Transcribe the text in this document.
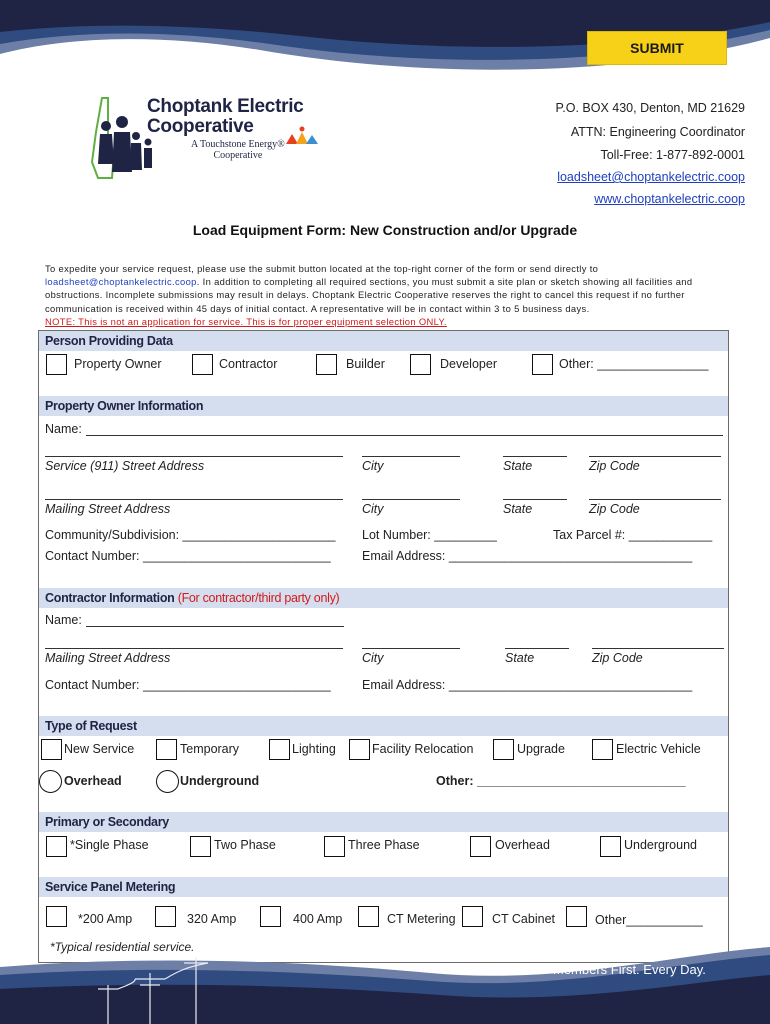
SUBMIT
Choptank Electric
Cooperative
A Touchstone Energy®
Cooperative
P.O. BOX 430, Denton, MD 21629
ATTN: Engineering Coordinator
Toll-Free: 1-877-892-0001
loadsheet@choptankelectric.coop
www.choptankelectric.coop
Load Equipment Form: New Construction and/or Upgrade
To expedite your service request, please use the submit button located at the top-right corner of the form or send directly to loadsheet@choptankelectric.coop. In addition to completing all required sections, you must submit a site plan or sketch showing all facilities and obstructions. Incomplete submissions may result in delays. Choptank Electric Cooperative reserves the right to cancel this request if no further communication is received within 45 days of initial contact. A representative will be in contact within 3 to 5 business days.
NOTE: This is not an application for service. This is for proper equipment selection ONLY.
Person Providing Data
Property Owner	Contractor	Builder	Developer	Other: ________________
Property Owner Information
Name:
Service (911) Street Address	City	State	Zip Code
Mailing Street Address	City	State	Zip Code
Community/Subdivision: ______________________ Lot Number: _________	Tax Parcel #: ____________
Contact Number: ___________________________	Email Address: ___________________________________
Contractor Information (For contractor/third party only)
Name:
Mailing Street Address	City	State	Zip Code
Contact Number: ___________________________	Email Address: ___________________________________
Type of Request
New Service	Temporary	Lighting	Facility Relocation	Upgrade	Electric Vehicle
Overhead	Underground	Other: ______________________________
Primary or Secondary
*Single Phase	Two Phase	Three Phase	Overhead	Underground
Service Panel Metering
*200 Amp	320 Amp	400 Amp	CT Metering	CT Cabinet	Other___________
*Typical residential service.
Members First. Every Day.
